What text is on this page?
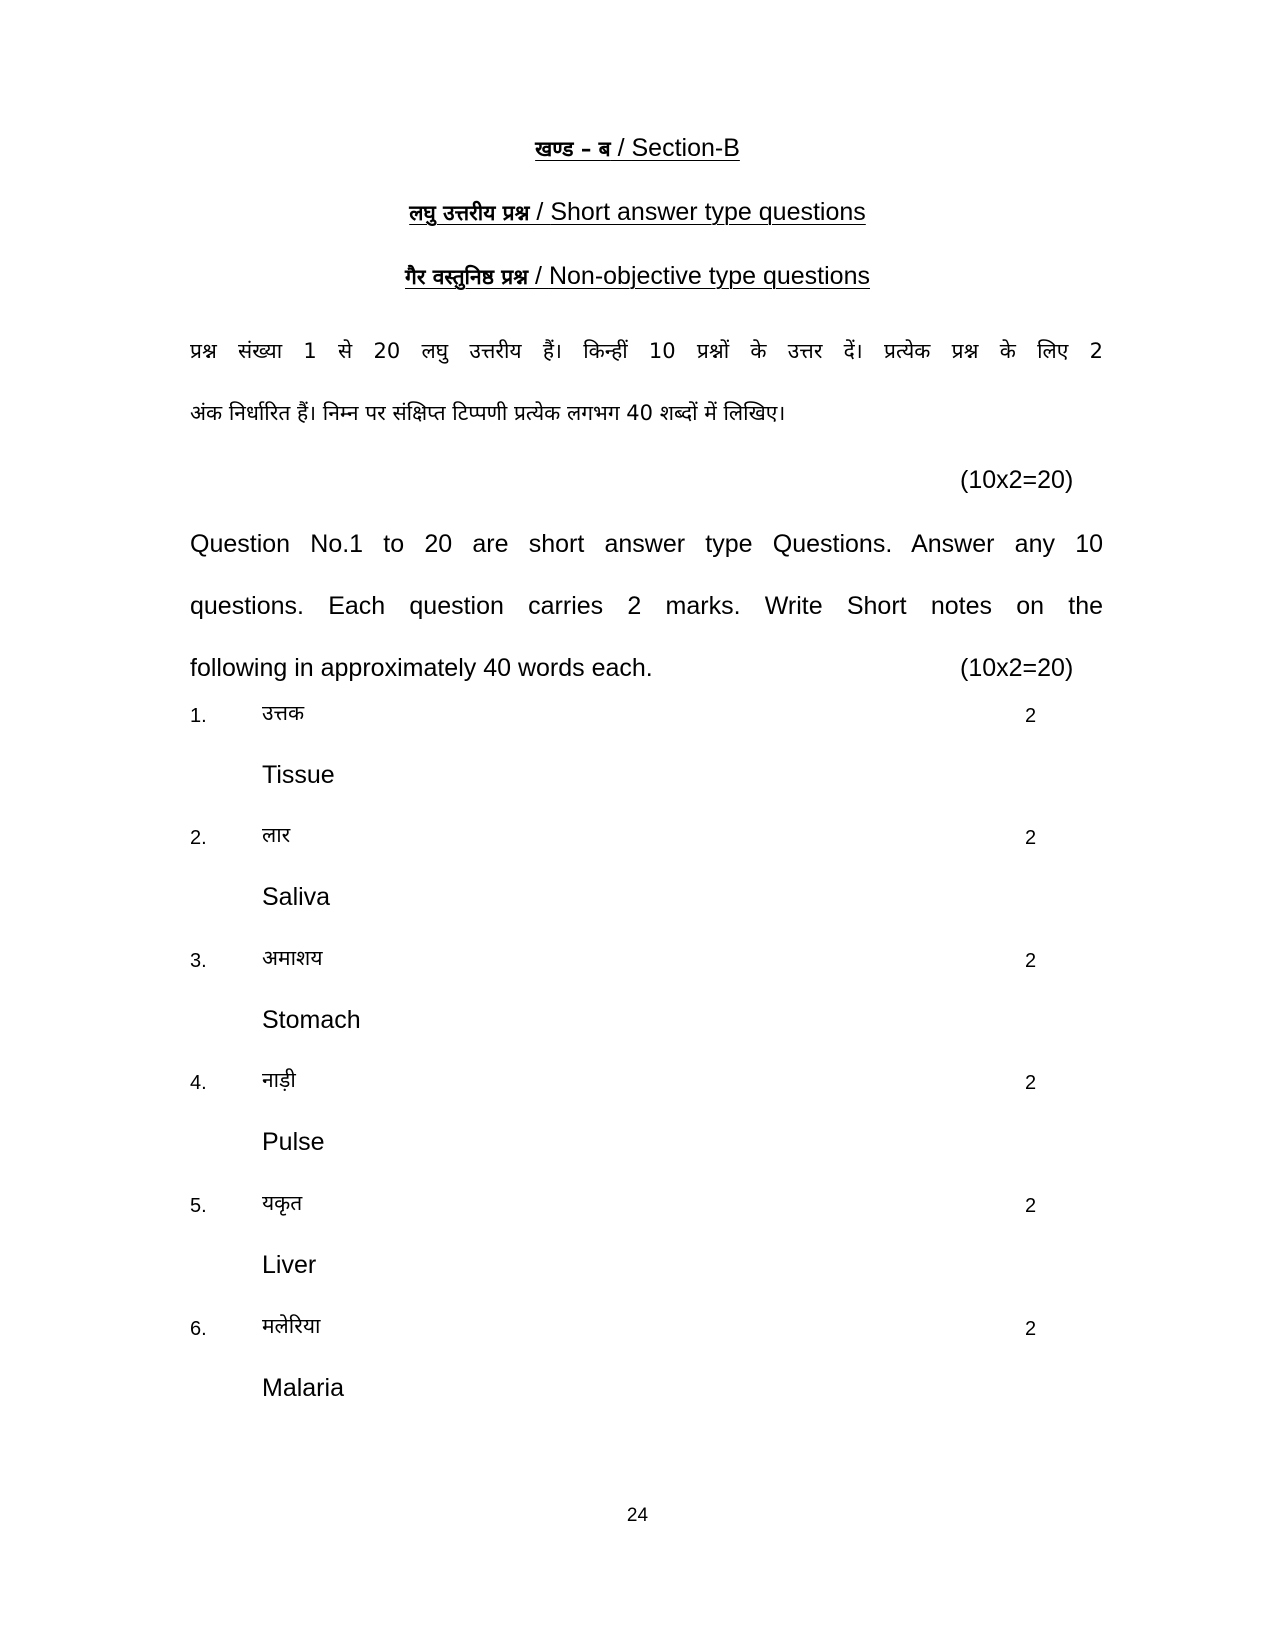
खण्ड – ब / Section-B
लघु उत्तरीय प्रश्न / Short answer type questions
गैर वस्तुनिष्ठ प्रश्न / Non-objective type questions
प्रश्न संख्या 1 से 20 लघु उत्तरीय हैं। किन्हीं 10 प्रश्नों के उत्तर दें। प्रत्येक प्रश्न के लिए 2
अंक निर्धारित हैं। निम्न पर संक्षिप्त टिप्पणी प्रत्येक लगभग 40 शब्दों में लिखिए।
(10x2=20)
Question No.1 to 20 are short answer type Questions. Answer any 10
questions. Each question carries 2 marks. Write Short notes on the
following in approximately 40 words each.	(10x2=20)
1.	उत्तक	2
Tissue
2.	लार	2
Saliva
3.	अमाशय	2
Stomach
4.	नाड़ी	2
Pulse
5.	यकृत	2
Liver
6.	मलेरिया	2
Malaria
24
